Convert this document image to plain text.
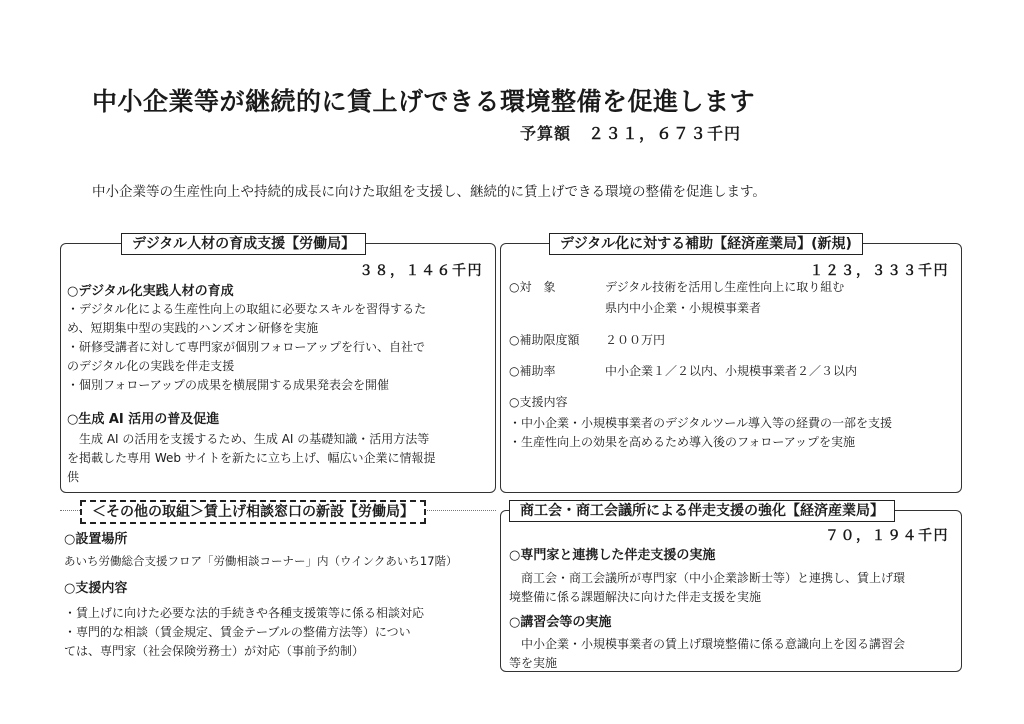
中小企業等が継続的に賃上げできる環境整備を促進します
予算額　２３１，６７３千円
中小企業等の生産性向上や持続的成長に向けた取組を支援し、継続的に賃上げできる環境の整備を促進します。
デジタル人材の育成支援【労働局】
３８，１４６千円
○デジタル化実践人材の育成
・デジタル化による生産性向上の取組に必要なスキルを習得するた
め、短期集中型の実践的ハンズオン研修を実施
・研修受講者に対して専門家が個別フォローアップを行い、自社で
のデジタル化の実践を伴走支援
・個別フォローアップの成果を横展開する成果発表会を開催
○生成 AI 活用の普及促進
　生成 AI の活用を支援するため、生成 AI の基礎知識・活用方法等
を掲載した専用 Web サイトを新たに立ち上げ、幅広い企業に情報提
供
デジタル化に対する補助【経済産業局】(新規)
１２３，３３３千円
○対　象	デジタル技術を活用し生産性向上に取り組む
県内中小企業・小規模事業者
○補助限度額 ２００万円
○補助率	中小企業１／２以内、小規模事業者２／３以内
○支援内容
・中小企業・小規模事業者のデジタルツール導入等の経費の一部を支援
・生産性向上の効果を高めるため導入後のフォローアップを実施
＜その他の取組＞賃上げ相談窓口の新設【労働局】
○設置場所
あいち労働総合支援フロア「労働相談コーナー」内（ウインクあいち17階）
○支援内容
・賃上げに向けた必要な法的手続きや各種支援策等に係る相談対応
・専門的な相談（賃金規定、賃金テーブルの整備方法等）につい
ては、専門家（社会保険労務士）が対応（事前予約制）
商工会・商工会議所による伴走支援の強化【経済産業局】
７０，１９４千円
○専門家と連携した伴走支援の実施
　商工会・商工会議所が専門家（中小企業診断士等）と連携し、賃上げ環
境整備に係る課題解決に向けた伴走支援を実施
○講習会等の実施
　中小企業・小規模事業者の賃上げ環境整備に係る意識向上を図る講習会
等を実施
